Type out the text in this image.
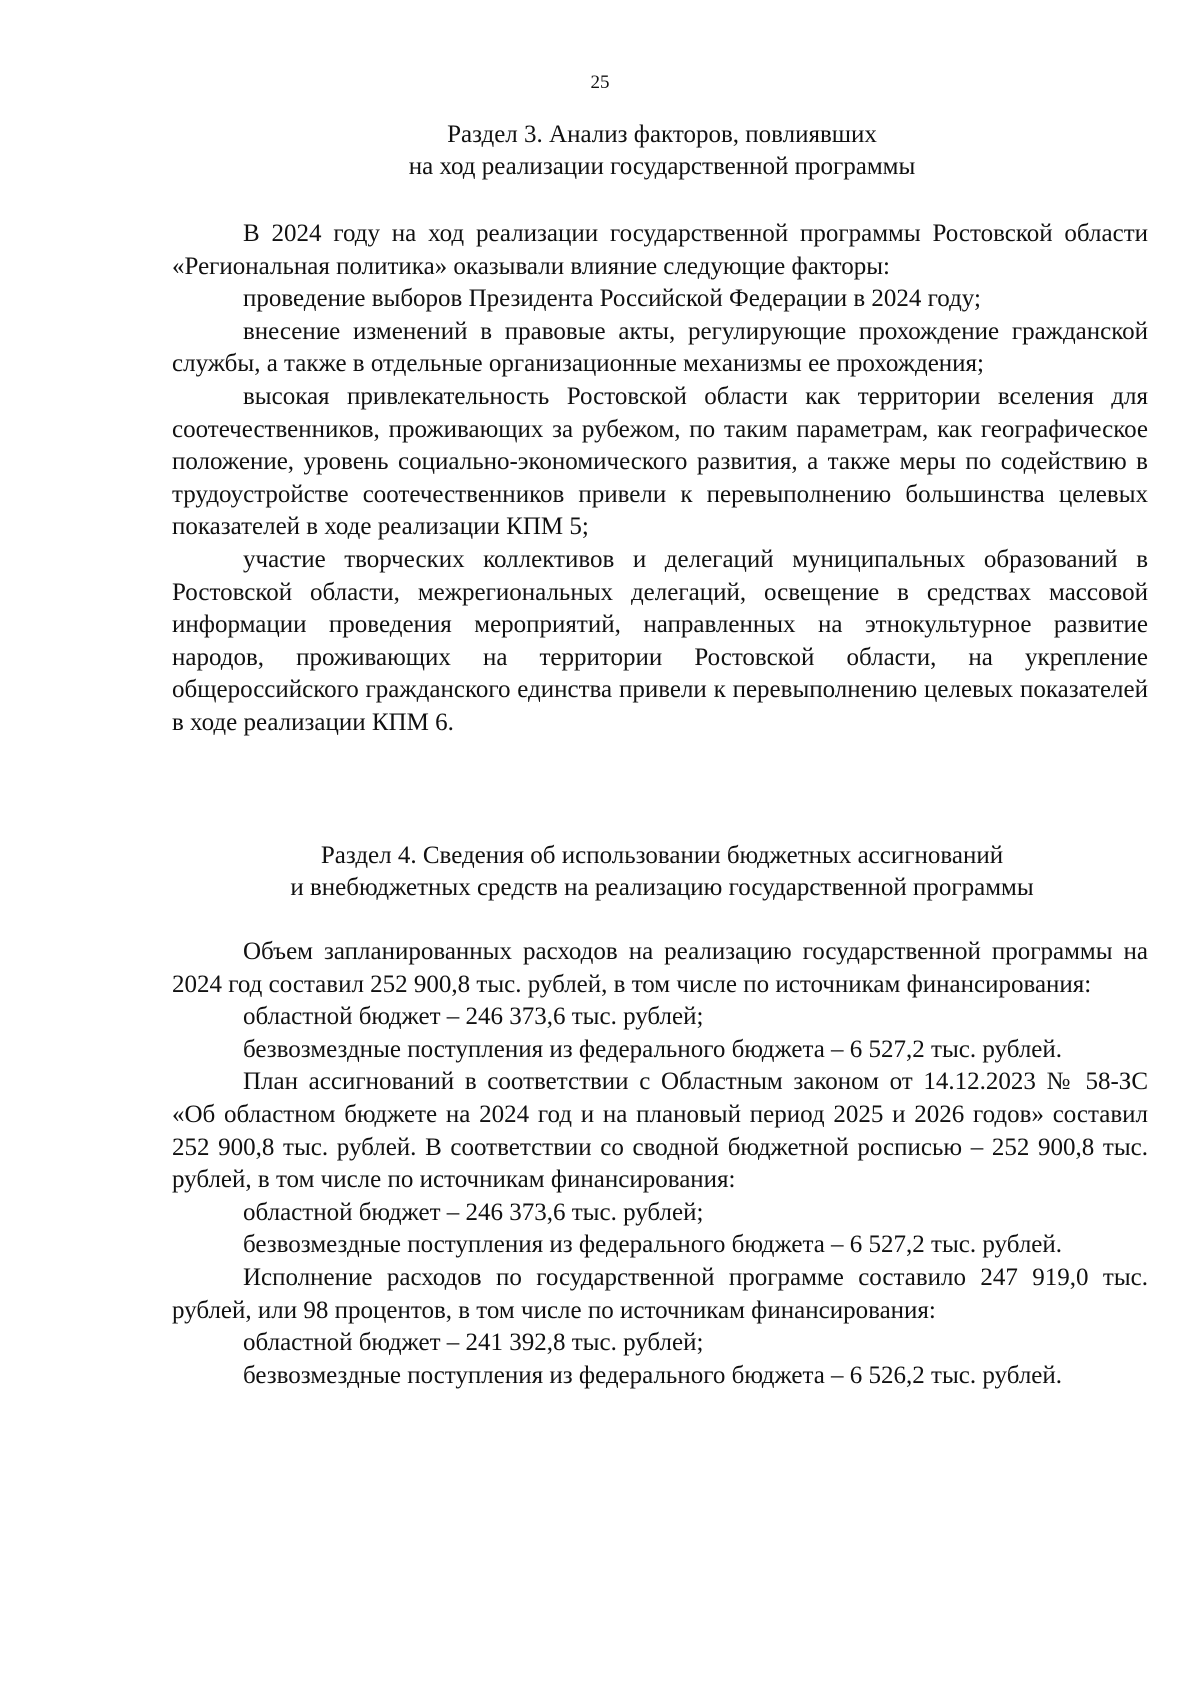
25
Раздел 3. Анализ факторов, повлиявших
на ход реализации государственной программы

В 2024 году на ход реализации государственной программы Ростовской области «Региональная политика» оказывали влияние следующие факторы:

проведение выборов Президента Российской Федерации в 2024 году;

внесение изменений в правовые акты, регулирующие прохождение гражданской службы, а также в отдельные организационные механизмы ее прохождения;

высокая привлекательность Ростовской области как территории вселения для соотечественников, проживающих за рубежом, по таким параметрам, как географическое положение, уровень социально-экономического развития, а также меры по содействию в трудоустройстве соотечественников привели к перевыполнению большинства целевых показателей в ходе реализации КПМ 5;

участие творческих коллективов и делегаций муниципальных образований в Ростовской области, межрегиональных делегаций, освещение в средствах массовой информации проведения мероприятий, направленных на этнокультурное развитие народов, проживающих на территории Ростовской области, на укрепление общероссийского гражданского единства привели к перевыполнению целевых показателей в ходе реализации КПМ 6.

Раздел 4. Сведения об использовании бюджетных ассигнований
и внебюджетных средств на реализацию государственной программы

Объем запланированных расходов на реализацию государственной программы на 2024 год составил 252 900,8 тыс. рублей, в том числе по источникам финансирования:

областной бюджет – 246 373,6 тыс. рублей;

безвозмездные поступления из федерального бюджета – 6 527,2 тыс. рублей.

План ассигнований в соответствии с Областным законом от 14.12.2023 № 58-ЗС «Об областном бюджете на 2024 год и на плановый период 2025 и 2026 годов» составил 252 900,8 тыс. рублей. В соответствии со сводной бюджетной росписью – 252 900,8 тыс. рублей, в том числе по источникам финансирования:

областной бюджет – 246 373,6 тыс. рублей;

безвозмездные поступления из федерального бюджета – 6 527,2 тыс. рублей.

Исполнение расходов по государственной программе составило 247 919,0 тыс. рублей, или 98 процентов, в том числе по источникам финансирования:

областной бюджет – 241 392,8 тыс. рублей;

безвозмездные поступления из федерального бюджета – 6 526,2 тыс. рублей.
